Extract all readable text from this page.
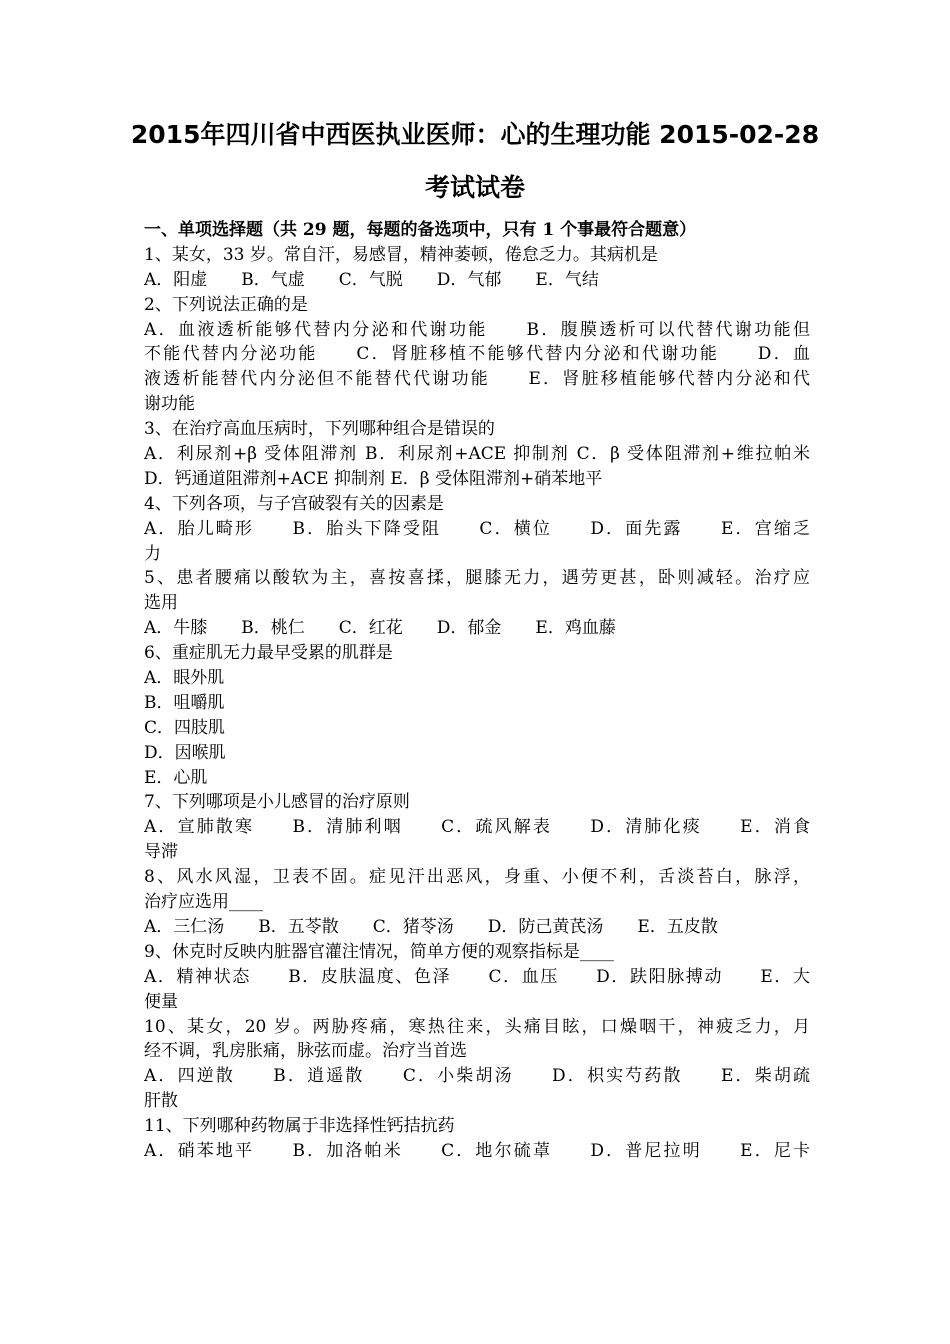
2015年四川省中西医执业医师：心的生理功能 2015-02-28
考试试卷
一、单项选择题（共 29 题，每题的备选项中，只有 1 个事最符合题意）
1、某女，33 岁。常自汗，易感冒，精神萎顿，倦怠乏力。其病机是
A．阳虚　　B．气虚　　C．气脱　　D．气郁　　E．气结
2、下列说法正确的是
A．血液透析能够代替内分泌和代谢功能　　B．腹膜透析可以代替代谢功能但
不能代替内分泌功能　　C．肾脏移植不能够代替内分泌和代谢功能　　D．血
液透析能替代内分泌但不能替代代谢功能　　E．肾脏移植能够代替内分泌和代
谢功能
3、在治疗高血压病时，下列哪种组合是错误的
A．利尿剂+β 受体阻滞剂 B．利尿剂+ACE 抑制剂 C．β 受体阻滞剂+维拉帕米
D．钙通道阻滞剂+ACE 抑制剂 E．β 受体阻滞剂+硝苯地平
4、下列各项，与子宫破裂有关的因素是
A．胎儿畸形　　B．胎头下降受阻　　C．横位　　D．面先露　　E．宫缩乏
力
5、患者腰痛以酸软为主，喜按喜揉，腿膝无力，遇劳更甚，卧则减轻。治疗应
选用
A．牛膝　　B．桃仁　　C．红花　　D．郁金　　E．鸡血藤
6、重症肌无力最早受累的肌群是
A．眼外肌
B．咀嚼肌
C．四肢肌
D．因喉肌
E．心肌
7、下列哪项是小儿感冒的治疗原则
A．宣肺散寒　　B．清肺利咽　　C．疏风解表　　D．清肺化痰　　E．消食
导滞
8、风水风湿，卫表不固。症见汗出恶风，身重、小便不利，舌淡苔白，脉浮，
治疗应选用____
A．三仁汤　　B．五苓散　　C．猪苓汤　　D．防己黄芪汤　　E．五皮散
9、休克时反映内脏器官灌注情况，简单方便的观察指标是____
A．精神状态　　B．皮肤温度、色泽　　C．血压　　D．趺阳脉搏动　　E．大
便量
10、某女，20 岁。两胁疼痛，寒热往来，头痛目眩，口燥咽干，神疲乏力，月
经不调，乳房胀痛，脉弦而虚。治疗当首选
A．四逆散　　B．逍遥散　　C．小柴胡汤　　D．枳实芍药散　　E．柴胡疏
肝散
11、下列哪种药物属于非选择性钙拮抗药
A．硝苯地平　　B．加洛帕米　　C．地尔硫䓬　　D．普尼拉明　　E．尼卡
